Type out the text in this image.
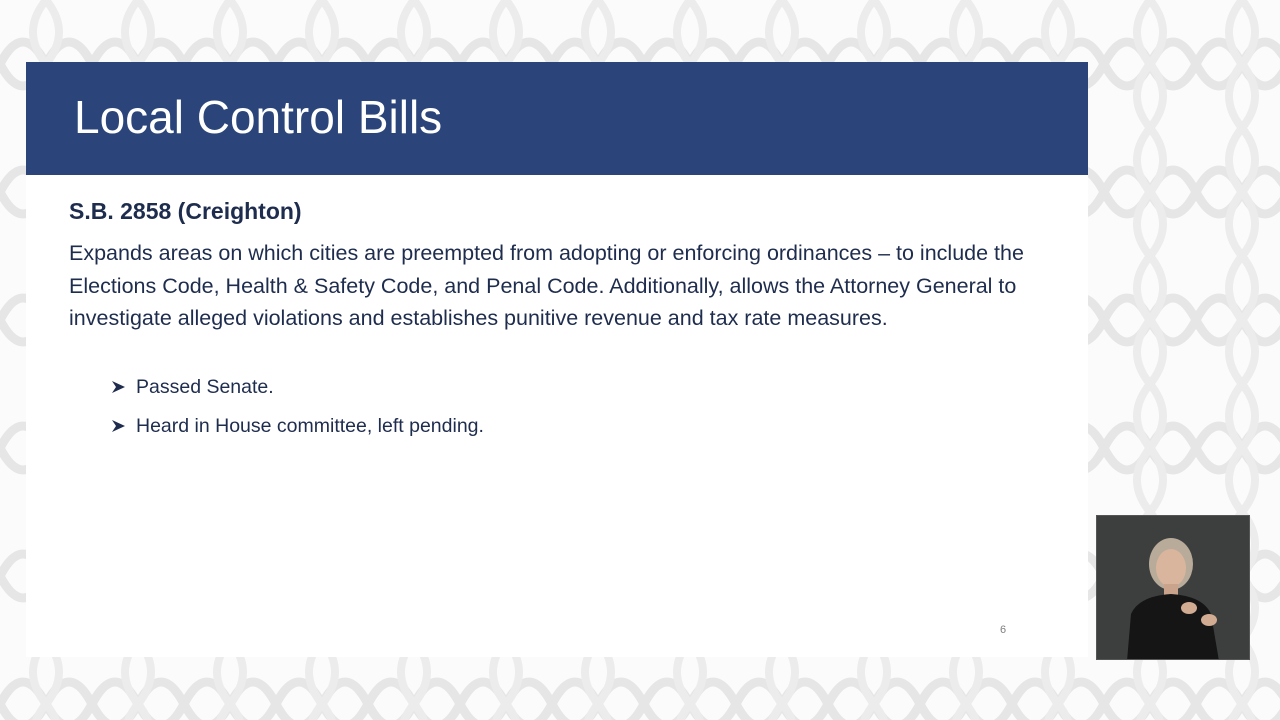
Local Control Bills
S.B. 2858 (Creighton)
Expands areas on which cities are preempted from adopting or enforcing ordinances – to include the Elections Code, Health & Safety Code, and Penal Code. Additionally, allows the Attorney General to investigate alleged violations and establishes punitive revenue and tax rate measures.
Passed Senate.
Heard in House committee, left pending.
6
